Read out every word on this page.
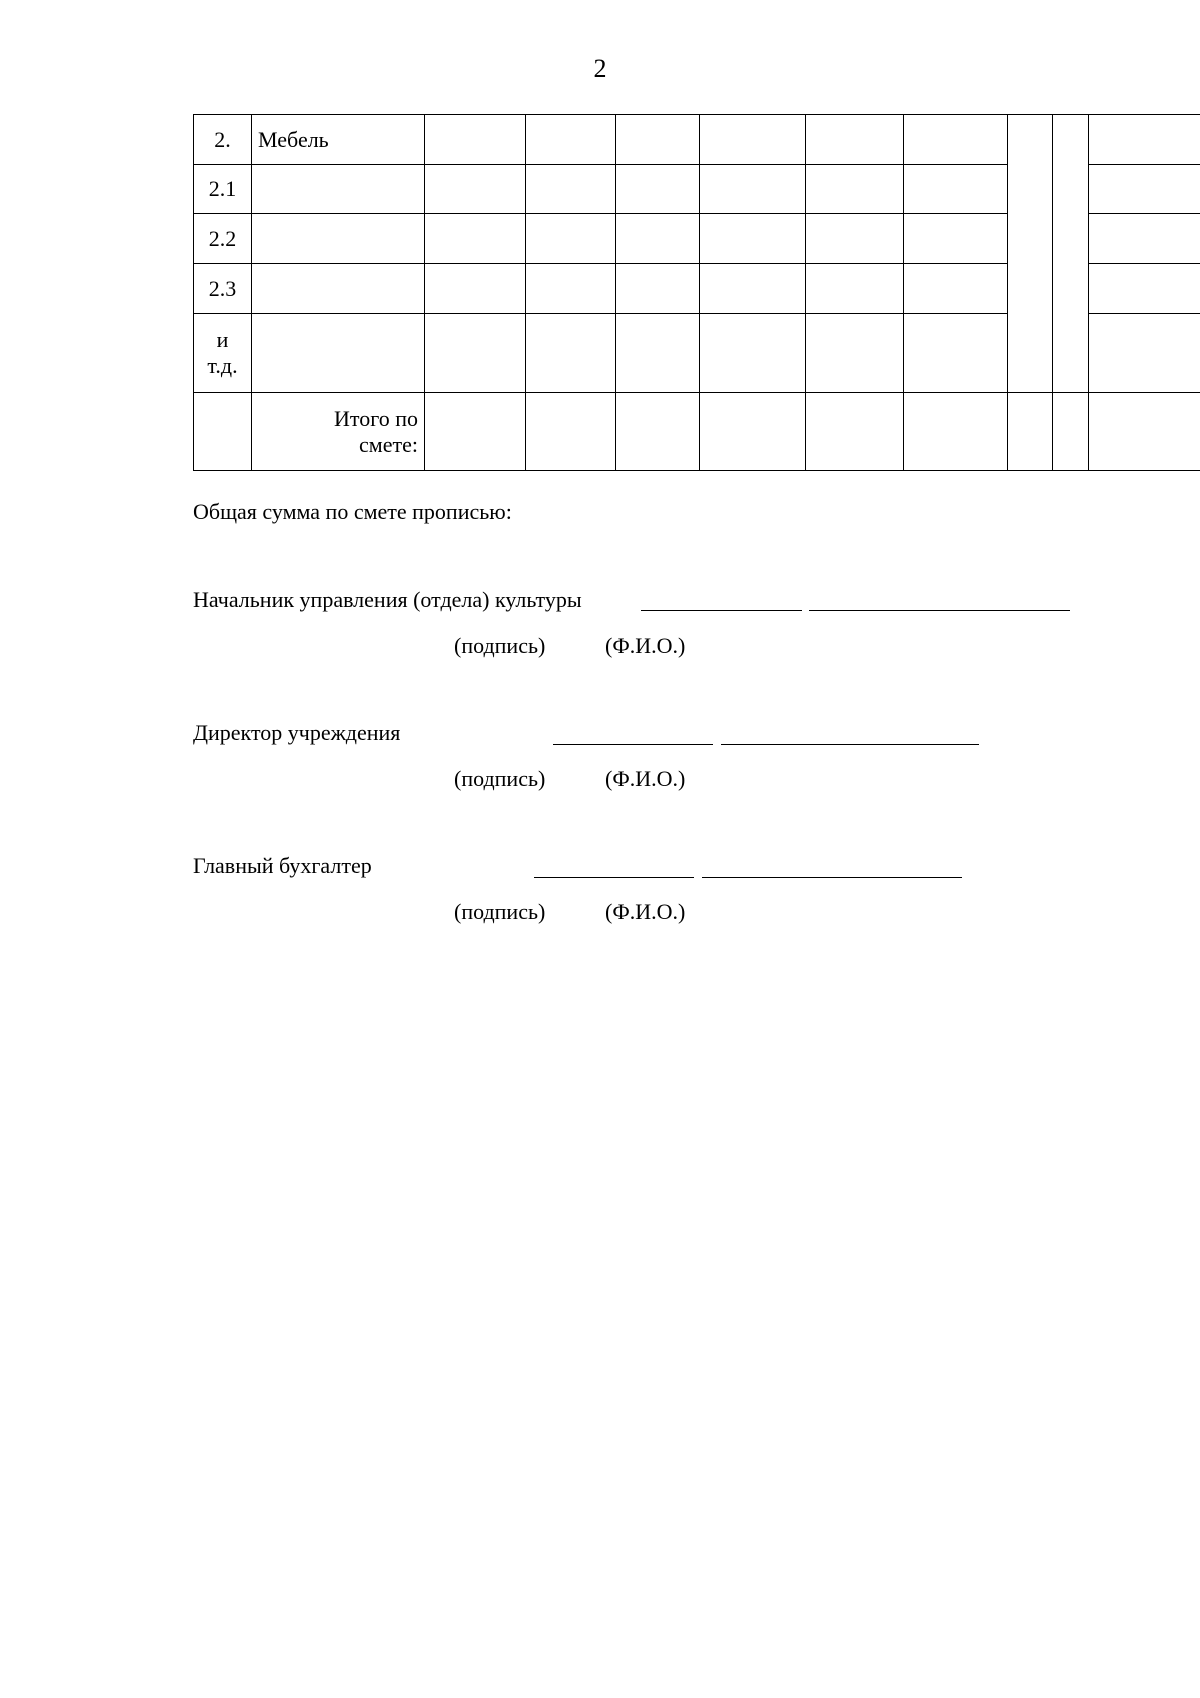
2
2.	Мебель									
2.1										
2.2										
2.3										

и
т.д.										

	Итого по
смете:									

Общая сумма по смете прописью:
Начальник управления (отдела) культуры
(подпись)	(Ф.И.О.)
Директор учреждения
(подпись)	(Ф.И.О.)
Главный бухгалтер
(подпись)	(Ф.И.О.)
